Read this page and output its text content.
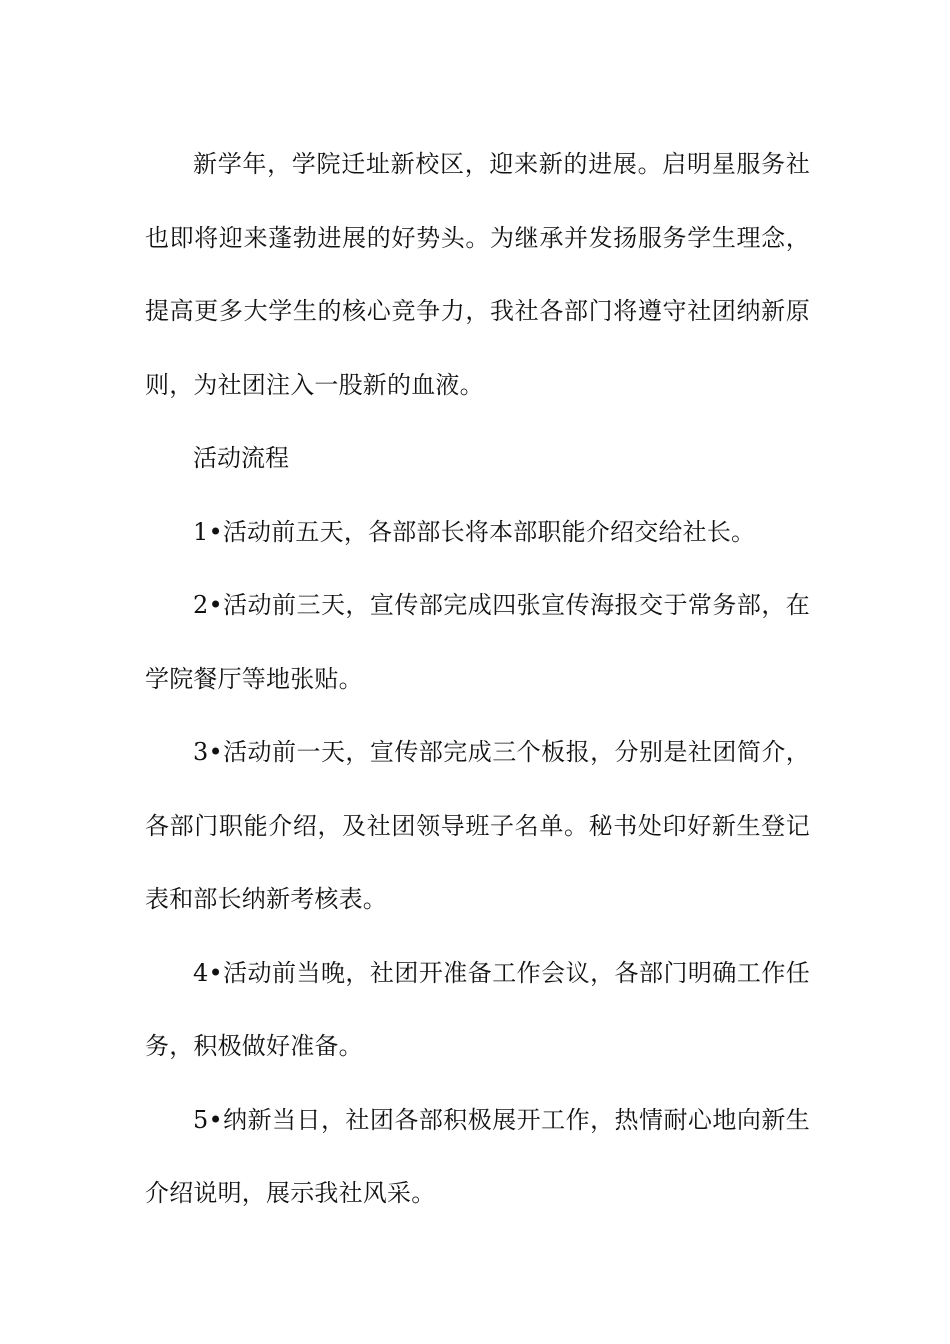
新学年，学院迁址新校区，迎来新的进展。启明星服务社也即将迎来蓬勃进展的好势头。为继承并发扬服务学生理念，提高更多大学生的核心竞争力，我社各部门将遵守社团纳新原则，为社团注入一股新的血液。

活动流程

1•活动前五天，各部部长将本部职能介绍交给社长。

2•活动前三天，宣传部完成四张宣传海报交于常务部，在学院餐厅等地张贴。

3•活动前一天，宣传部完成三个板报，分别是社团简介，各部门职能介绍，及社团领导班子名单。秘书处印好新生登记表和部长纳新考核表。

4•活动前当晚，社团开准备工作会议，各部门明确工作任务，积极做好准备。

5•纳新当日，社团各部积极展开工作，热情耐心地向新生介绍说明，展示我社风采。
